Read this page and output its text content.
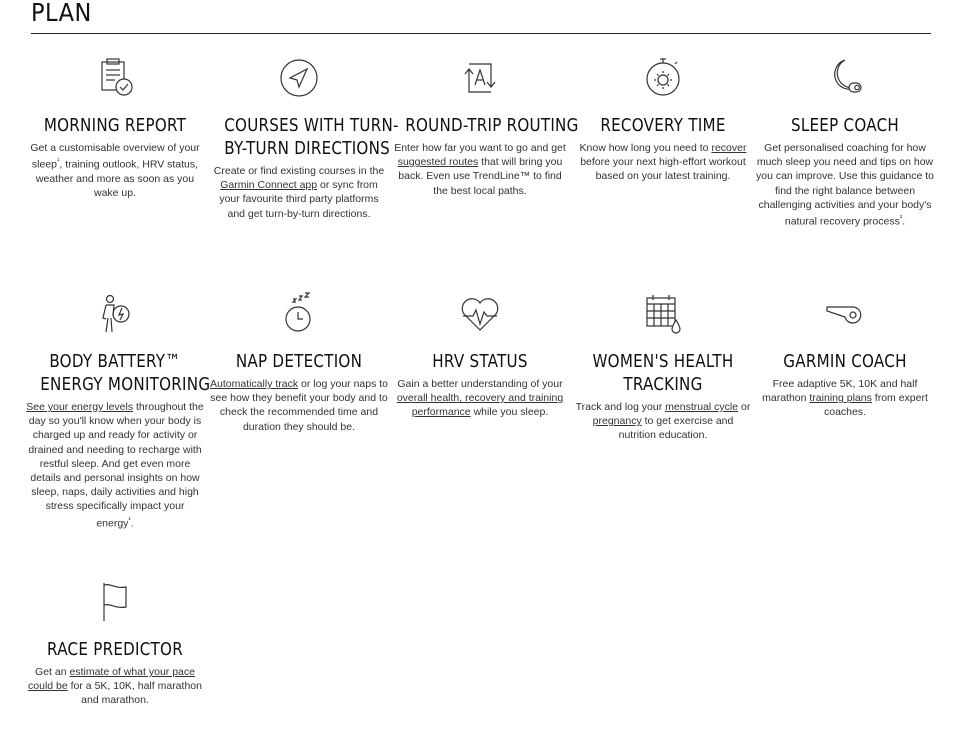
PLAN
MORNING REPORT

Get a customisable overview of your sleep$^{^1}$, training outlook, HRV status, weather and more as soon as you wake up.

COURSES WITH TURN-
BY-TURN DIRECTIONS

Create or find existing courses in the Garmin Connect app or sync from your favourite third party platforms and get turn-by-turn directions.

ROUND-TRIP ROUTING

Enter how far you want to go and get suggested routes that will bring you back. Even use TrendLine™ to find the best local paths.

RECOVERY TIME

Know how long you need to recover before your next high-effort workout based on your latest training.

SLEEP COACH

Get personalised coaching for how much sleep you need and tips on how you can improve. Use this guidance to find the right balance between challenging activities and your body's natural recovery process$^{^2}$.

BODY BATTERY™
ENERGY MONITORING

See your energy levels throughout the day so you'll know when your body is charged up and ready for activity or drained and needing to recharge with restful sleep. And get even more details and personal insights on how sleep, naps, daily activities and high stress specifically impact your energy$^{^1}$.

NAP DETECTION

Automatically track or log your naps to see how they benefit your body and to check the recommended time and duration they should be.

HRV STATUS

Gain a better understanding of your overall health, recovery and training performance while you sleep.

WOMEN'S HEALTH
TRACKING

Track and log your menstrual cycle or pregnancy to get exercise and nutrition education.

GARMIN COACH

Free adaptive 5K, 10K and half marathon training plans from expert coaches.

RACE PREDICTOR

Get an estimate of what your pace could be for a 5K, 10K, half marathon and marathon.
